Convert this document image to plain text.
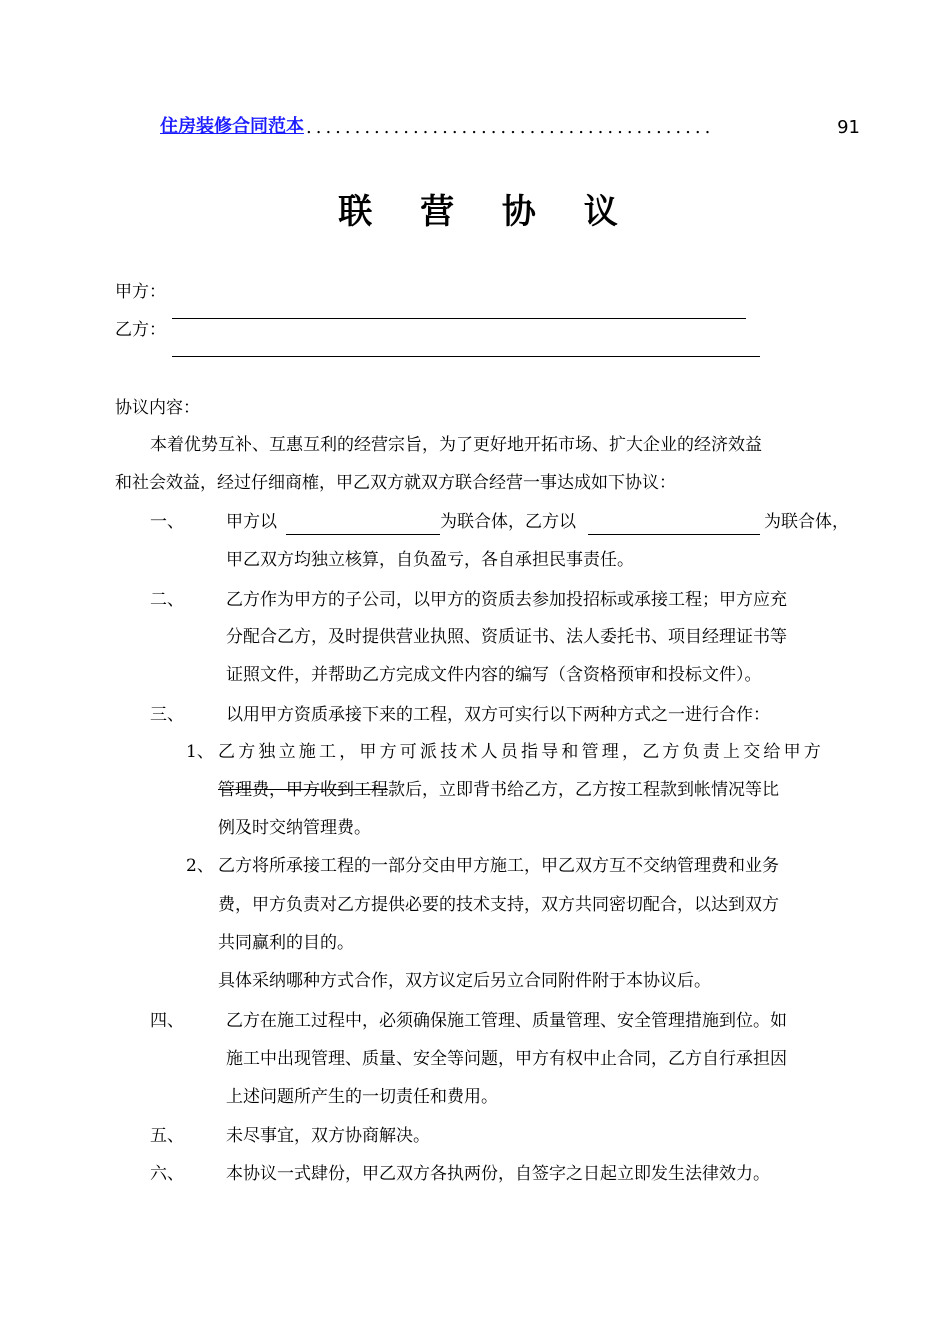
住房装修合同范本 ..........................................	91
联 营 协 议
甲方：
乙方：
协议内容：
本着优势互补、互惠互利的经营宗旨，为了更好地开拓市场、扩大企业的经济效益
和社会效益，经过仔细商榷，甲乙双方就双方联合经营一事达成如下协议：
一、 甲方以	为联合体，乙方以	为联合体，
甲乙双方均独立核算，自负盈亏，各自承担民事责任。
二、 乙方作为甲方的子公司，以甲方的资质去参加投招标或承接工程；甲方应充
分配合乙方，及时提供营业执照、资质证书、法人委托书、项目经理证书等
证照文件，并帮助乙方完成文件内容的编写（含资格预审和投标文件）。
三、 以用甲方资质承接下来的工程，双方可实行以下两种方式之一进行合作：
1、 乙方独立施工，甲方可派技术人员指导和管理，乙方负责上交给甲方
管理费，甲方收到工程款后，立即背书给乙方，乙方按工程款到帐情况等比
例及时交纳管理费。
2、 乙方将所承接工程的一部分交由甲方施工，甲乙双方互不交纳管理费和业务
费，甲方负责对乙方提供必要的技术支持，双方共同密切配合，以达到双方
共同赢利的目的。
具体采纳哪种方式合作，双方议定后另立合同附件附于本协议后。
四、 乙方在施工过程中，必须确保施工管理、质量管理、安全管理措施到位。如
施工中出现管理、质量、安全等问题，甲方有权中止合同，乙方自行承担因
上述问题所产生的一切责任和费用。
五、 未尽事宜，双方协商解决。
六、 本协议一式肆份，甲乙双方各执两份，自签字之日起立即发生法律效力。
